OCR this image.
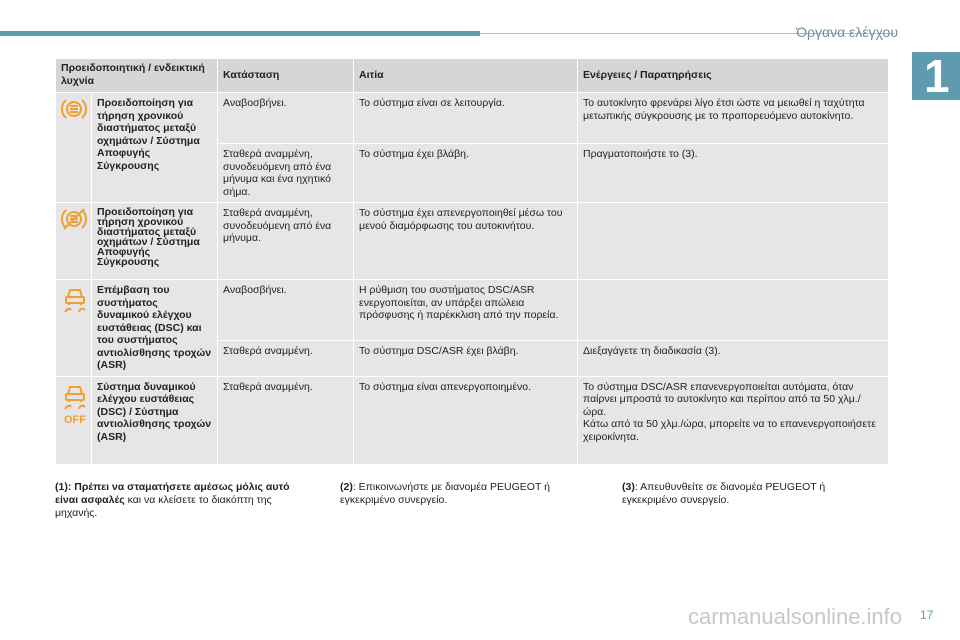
Όργανα ελέγχου
1
Προειδοποιητική / ενδεικτική λυχνία		Κατάσταση	Αιτία	Ενέργειες / Παρατηρήσεις
	Προειδοποίηση για τήρηση χρονικού διαστήματος μεταξύ οχημάτων / Σύστημα Αποφυγής Σύγκρουσης	Αναβοσβήνει.	Το σύστημα είναι σε λειτουργία.	Το αυτοκίνητο φρενάρει λίγο έτσι ώστε να μειωθεί η ταχύτητα μετωπικής σύγκρουσης με το προπορευόμενο αυτοκίνητο.
		Σταθερά αναμμένη, συνοδευόμενη από ένα μήνυμα και ένα ηχητικό σήμα.	Το σύστημα έχει βλάβη.	Πραγματοποιήστε το (3).
	Προειδοποίηση για τήρηση χρονικού διαστήματος μεταξύ οχημάτων / Σύστημα Αποφυγής Σύγκρουσης	Σταθερά αναμμένη, συνοδευόμενη από ένα μήνυμα.	Το σύστημα έχει απενεργοποιηθεί μέσω του μενού διαμόρφωσης του αυτοκινήτου.	
	Επέμβαση του συστήματος δυναμικού ελέγχου ευστάθειας (DSC) και του συστήματος αντιολίσθησης τροχών (ASR)	Αναβοσβήνει.	Η ρύθμιση του συστήματος DSC/ASR ενεργοποιείται, αν υπάρξει απώλεια πρόσφυσης ή παρέκκλιση από την πορεία.	
		Σταθερά αναμμένη.	Το σύστημα DSC/ASR έχει βλάβη.	Διεξαγάγετε τη διαδικασία (3).

OFF	Σύστημα δυναμικού ελέγχου ευστάθειας (DSC) / Σύστημα αντιολίσθησης τροχών (ASR)	Σταθερά αναμμένη.	Το σύστημα είναι απενεργοποιημένο.	Το σύστημα DSC/ASR επανενεργοποιείται αυτόματα, όταν παίρνει μπροστά το αυτοκίνητο και περίπου από τα 50 χλμ./ώρα.
Κάτω από τα 50 χλμ./ώρα, μπορείτε να το επανενεργοποιήσετε χειροκίνητα.
(1): Πρέπει να σταματήσετε αμέσως μόλις αυτό είναι ασφαλές και να κλείσετε το διακόπτη της μηχανής.
(2): Επικοινωνήστε με διανομέα PEUGEOT ή εγκεκριμένο συνεργείο.
(3): Απευθυνθείτε σε διανομέα PEUGEOT ή εγκεκριμένο συνεργείο.
carmanualsonline.info 17
